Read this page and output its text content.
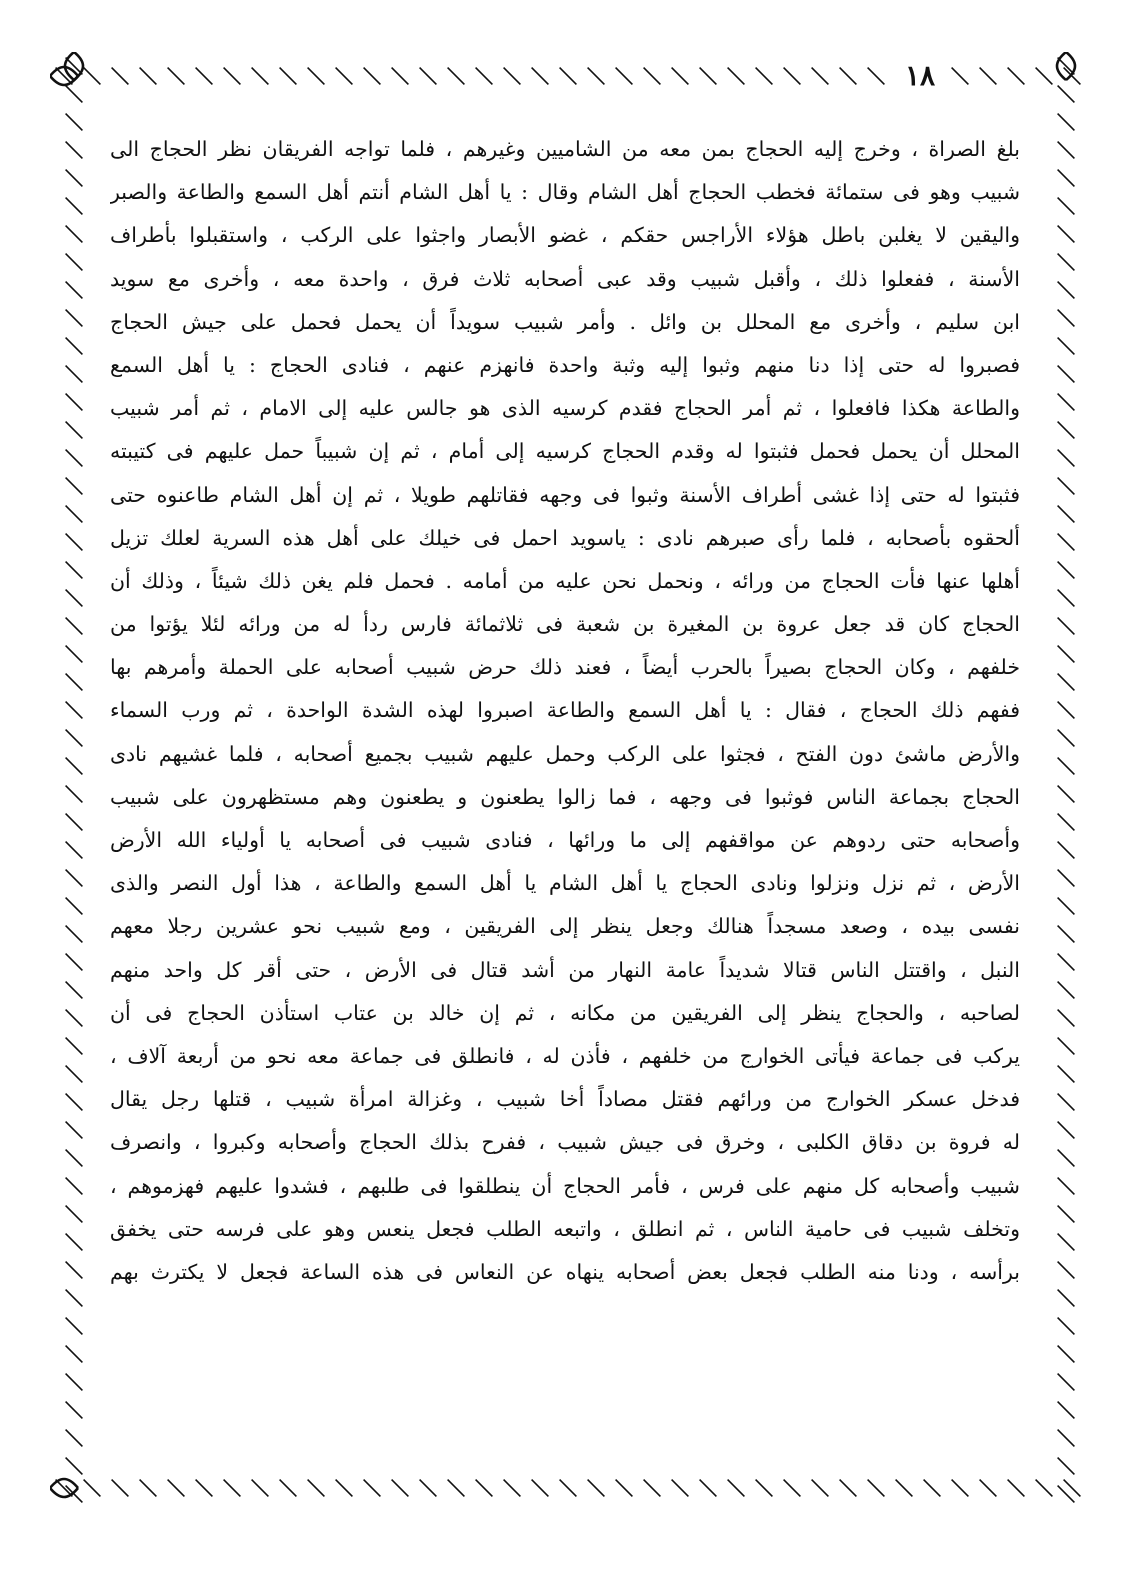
١٨
بلغ الصراة ، وخرج إليه الحجاج بمن معه من الشاميين وغيرهم ، فلما تواجه الفريقان نظر الحجاج الى
شبيب وهو فى ستمائة فخطب الحجاج أهل الشام وقال : يا أهل الشام أنتم أهل السمع والطاعة والصبر
واليقين لا يغلبن باطل هؤلاء الأراجس حقكم ، غضو الأبصار واجثوا على الركب ، واستقبلوا بأطراف
الأسنة ، ففعلوا ذلك ، وأقبل شبيب وقد عبى أصحابه ثلاث فرق ، واحدة معه ، وأخرى مع سويد
ابن سليم ، وأخرى مع المحلل بن وائل . وأمر شبيب سويداً أن يحمل فحمل على جيش الحجاج
فصبروا له حتى إذا دنا منهم وثبوا إليه وثبة واحدة فانهزم عنهم ، فنادى الحجاج : يا أهل السمع
والطاعة هكذا فافعلوا ، ثم أمر الحجاج فقدم كرسيه الذى هو جالس عليه إلى الامام ، ثم أمر شبيب
المحلل أن يحمل فحمل فثبتوا له وقدم الحجاج كرسيه إلى أمام ، ثم إن شبيباً حمل عليهم فى كتيبته
فثبتوا له حتى إذا غشى أطراف الأسنة وثبوا فى وجهه فقاتلهم طويلا ، ثم إن أهل الشام طاعنوه حتى
ألحقوه بأصحابه ، فلما رأى صبرهم نادى : ياسويد احمل فى خيلك على أهل هذه السرية لعلك تزيل
أهلها عنها فأت الحجاج من ورائه ، ونحمل نحن عليه من أمامه . فحمل فلم يغن ذلك شيئاً ، وذلك أن
الحجاج كان قد جعل عروة بن المغيرة بن شعبة فى ثلاثمائة فارس ردأ له من ورائه لئلا يؤتوا من
خلفهم ، وكان الحجاج بصيراً بالحرب أيضاً ، فعند ذلك حرض شبيب أصحابه على الحملة وأمرهم بها
ففهم ذلك الحجاج ، فقال : يا أهل السمع والطاعة اصبروا لهذه الشدة الواحدة ، ثم ورب السماء
والأرض ماشئ دون الفتح ، فجثوا على الركب وحمل عليهم شبيب بجميع أصحابه ، فلما غشيهم نادى
الحجاج بجماعة الناس فوثبوا فى وجهه ، فما زالوا يطعنون و يطعنون وهم مستظهرون على شبيب
وأصحابه حتى ردوهم عن مواقفهم إلى ما ورائها ، فنادى شبيب فى أصحابه يا أولياء الله الأرض
الأرض ، ثم نزل ونزلوا ونادى الحجاج يا أهل الشام يا أهل السمع والطاعة ، هذا أول النصر والذى
نفسى بيده ، وصعد مسجداً هنالك وجعل ينظر إلى الفريقين ، ومع شبيب نحو عشرين رجلا معهم
النبل ، واقتتل الناس قتالا شديداً عامة النهار من أشد قتال فى الأرض ، حتى أقر كل واحد منهم
لصاحبه ، والحجاج ينظر إلى الفريقين من مكانه ، ثم إن خالد بن عتاب استأذن الحجاج فى أن
يركب فى جماعة فيأتى الخوارج من خلفهم ، فأذن له ، فانطلق فى جماعة معه نحو من أربعة آلاف ،
فدخل عسكر الخوارج من ورائهم فقتل مصاداً أخا شبيب ، وغزالة امرأة شبيب ، قتلها رجل يقال
له فروة بن دقاق الكلبى ، وخرق فى جيش شبيب ، ففرح بذلك الحجاج وأصحابه وكبروا ، وانصرف
شبيب وأصحابه كل منهم على فرس ، فأمر الحجاج أن ينطلقوا فى طلبهم ، فشدوا عليهم فهزموهم ،
وتخلف شبيب فى حامية الناس ، ثم انطلق ، واتبعه الطلب فجعل ينعس وهو على فرسه حتى يخفق
برأسه ، ودنا منه الطلب فجعل بعض أصحابه ينهاه عن النعاس فى هذه الساعة فجعل لا يكترث بهم
